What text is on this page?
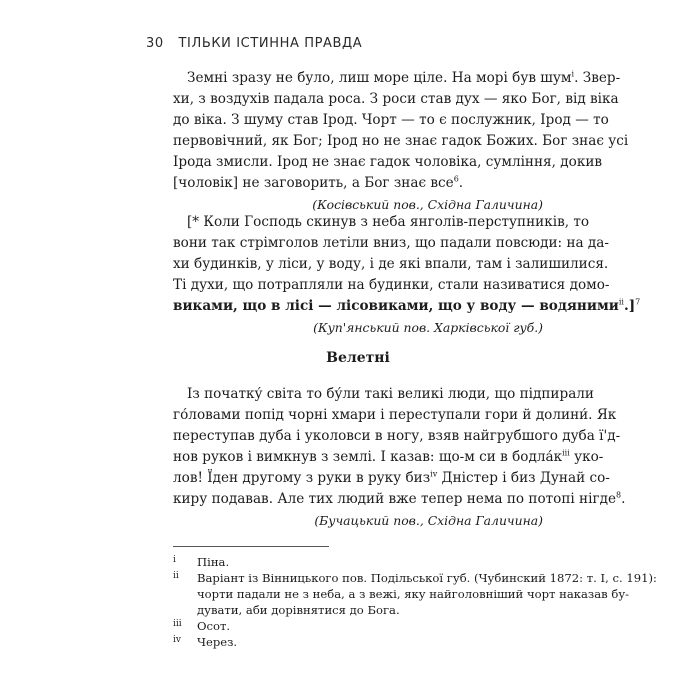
30 ТІЛЬКИ ІСТИННА ПРАВДА
Земні зразу не було, лиш море ціле. На морі був шум$^i$. Звер-
хи, з воздухів падала роса. З роси став дух — яко Бог, від віка
до віка. З шуму став Ірод. Чорт — то є послужник, Ірод — то
первовічний, як Бог; Ірод но не знає гадок Божих. Бог знає усі
Ірода змисли. Ірод не знає гадок чоловіка, сумління, докив
[чоловік] не заговорить, а Бог знає все$^6$.
(Косівський пов., Східна Галичина)
[* Коли Господь скинув з неба янголів-перступників, то
вони так стрімголов летіли вниз, що падали повсюди: на да-
хи будинків, у ліси, у воду, і де які впали, там і залишилися.
Ті духи, що потрапляли на будинки, стали називатися домо-
виками, що в лісі — лісовиками, що у воду — водяними$^{ii}$.]$^7$
(Куп'янський пов. Харківської губ.)
Велетні
Із початку́ світа то бу́ли такі великі люди, що підпирали
го́ловами попід чорні хмари і переступали гори й долини́. Як
переступав дуба і уколовси в ногу, взяв найгрубшого дуба ї'д-
нов руков і вимкнув з землі. І казав: що-м си в $бодла́к^{iii}$ уко-
лов! Їден другому з руки в руку биз$^{iv}$ Дністер і биз Дунай со-
киру подавав. Але тих людий вже тепер нема по потопі нігде$^8$.
(Бучацький пов., Східна Галичина)
i	Піна.
ii	Варіант із Вінницького пов. Подільської губ. (Чубинский 1872: т. I, с. 191):
чорти падали не з неба, а з вежі, яку найголовніший чорт наказав бу-
дувати, аби дорівнятися до Бога.
iii	Осот.
iv	Через.
